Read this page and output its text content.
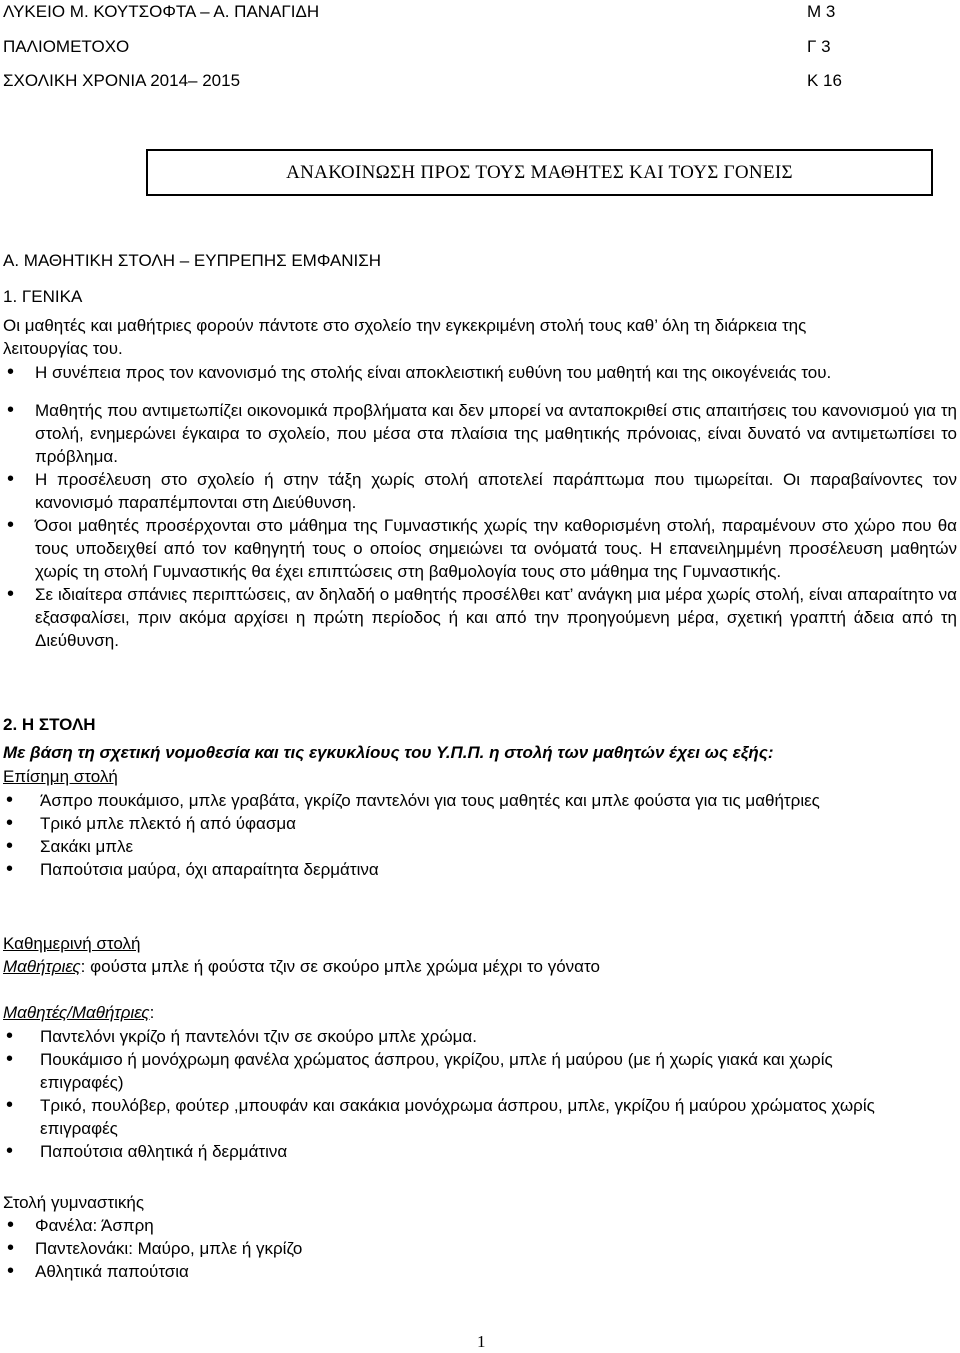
ΛΥΚΕΙΟ Μ. ΚΟΥΤΣΟΦΤΑ – Α. ΠΑΝΑΓΙΔΗ	Μ 3
ΠΑΛΙΟΜΕΤΟΧΟ	Γ 3
ΣΧΟΛΙΚΗ ΧΡΟΝΙΑ 2014– 2015	Κ 16
ΑΝΑΚΟΙΝΩΣΗ ΠΡΟΣ ΤΟΥΣ ΜΑΘΗΤΕΣ ΚΑΙ ΤΟΥΣ ΓΟΝΕΙΣ
Α. ΜΑΘΗΤΙΚΗ ΣΤΟΛΗ – ΕΥΠΡΕΠΗΣ ΕΜΦΑΝΙΣΗ
1. ΓΕΝΙΚΑ
Οι μαθητές και μαθήτριες φορούν πάντοτε στο σχολείο την εγκεκριμένη στολή τους καθ’ όλη τη διάρκεια της
λειτουργίας του.
• Η συνέπεια προς τον κανονισμό της στολής είναι αποκλειστική ευθύνη του μαθητή και της οικογένειάς του.
• Μαθητής που αντιμετωπίζει οικονομικά προβλήματα και δεν μπορεί να ανταποκριθεί στις απαιτήσεις του κανονισμού για τη στολή, ενημερώνει έγκαιρα το σχολείο, που μέσα στα πλαίσια της μαθητικής πρόνοιας, είναι δυνατό να αντιμετωπίσει το πρόβλημα.
• Η προσέλευση στο σχολείο ή στην τάξη χωρίς στολή αποτελεί παράπτωμα που τιμωρείται. Οι παραβαίνοντες τον κανονισμό παραπέμπονται στη Διεύθυνση.
• Όσοι μαθητές προσέρχονται στο μάθημα της Γυμναστικής χωρίς την καθορισμένη στολή, παραμένουν στο χώρο που θα τους υποδειχθεί από τον καθηγητή τους ο οποίος σημειώνει τα ονόματά τους. Η επανειλημμένη προσέλευση μαθητών χωρίς τη στολή Γυμναστικής θα έχει επιπτώσεις στη βαθμολογία τους στο μάθημα της Γυμναστικής.
• Σε ιδιαίτερα σπάνιες περιπτώσεις, αν δηλαδή ο μαθητής προσέλθει κατ’ ανάγκη μια μέρα χωρίς στολή, είναι απαραίτητο να εξασφαλίσει, πριν ακόμα αρχίσει η πρώτη περίοδος ή και από την προηγούμενη μέρα, σχετική γραπτή άδεια από τη Διεύθυνση.
2. Η ΣΤΟΛΗ
Με βάση τη σχετική νομοθεσία και τις εγκυκλίους του Υ.Π.Π. η στολή των μαθητών έχει ως εξής:
Επίσημη στολή
• Άσπρο πουκάμισο, μπλε γραβάτα, γκρίζο παντελόνι για τους μαθητές και μπλε φούστα για τις μαθήτριες
• Τρικό μπλε πλεκτό ή από ύφασμα
• Σακάκι μπλε
• Παπούτσια μαύρα, όχι απαραίτητα δερμάτινα
Καθημερινή στολή
Μαθήτριες: φούστα μπλε ή φούστα τζιν σε σκούρο μπλε χρώμα μέχρι το γόνατο
Μαθητές/Μαθήτριες:
• Παντελόνι γκρίζο ή παντελόνι τζιν σε σκούρο μπλε χρώμα.
• Πουκάμισο ή μονόχρωμη φανέλα χρώματος άσπρου, γκρίζου, μπλε ή μαύρου (με ή χωρίς γιακά και χωρίς επιγραφές)
• Τρικό, πουλόβερ, φούτερ ,μπουφάν και σακάκια μονόχρωμα άσπρου, μπλε, γκρίζου ή μαύρου χρώματος χωρίς επιγραφές
• Παπούτσια αθλητικά ή δερμάτινα
Στολή γυμναστικής
• Φανέλα: Άσπρη
• Παντελονάκι: Μαύρο, μπλε ή γκρίζο
• Αθλητικά παπούτσια
1
